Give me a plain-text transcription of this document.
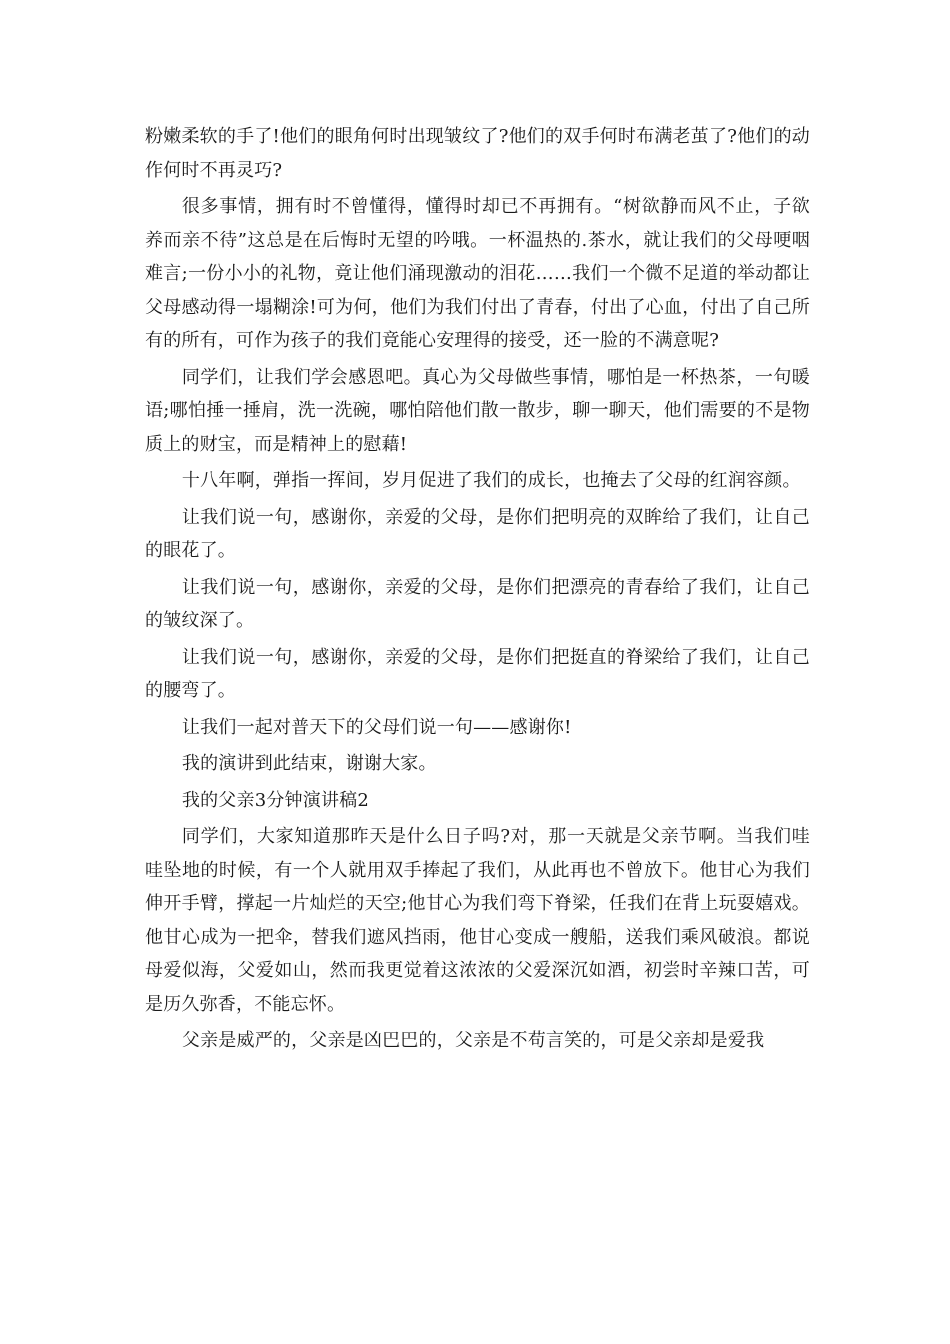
粉嫩柔软的手了!他们的眼角何时出现皱纹了?他们的双手何时布满老茧了?他们的动作何时不再灵巧?

很多事情，拥有时不曾懂得，懂得时却已不再拥有。“树欲静而风不止，子欲养而亲不待”这总是在后悔时无望的吟哦。一杯温热的.茶水，就让我们的父母哽咽难言;一份小小的礼物，竟让他们涌现激动的泪花……我们一个微不足道的举动都让父母感动得一塌糊涂!可为何，他们为我们付出了青春，付出了心血，付出了自己所有的所有，可作为孩子的我们竟能心安理得的接受，还一脸的不满意呢?

同学们，让我们学会感恩吧。真心为父母做些事情，哪怕是一杯热茶，一句暖语;哪怕捶一捶肩，洗一洗碗，哪怕陪他们散一散步，聊一聊天，他们需要的不是物质上的财宝，而是精神上的慰藉!

十八年啊，弹指一挥间，岁月促进了我们的成长，也掩去了父母的红润容颜。

让我们说一句，感谢你，亲爱的父母，是你们把明亮的双眸给了我们，让自己的眼花了。

让我们说一句，感谢你，亲爱的父母，是你们把漂亮的青春给了我们，让自己的皱纹深了。

让我们说一句，感谢你，亲爱的父母，是你们把挺直的脊梁给了我们，让自己的腰弯了。

让我们一起对普天下的父母们说一句——感谢你!

我的演讲到此结束，谢谢大家。

我的父亲3分钟演讲稿2

同学们，大家知道那昨天是什么日子吗?对，那一天就是父亲节啊。当我们哇哇坠地的时候，有一个人就用双手捧起了我们，从此再也不曾放下。他甘心为我们伸开手臂，撑起一片灿烂的天空;他甘心为我们弯下脊梁，任我们在背上玩耍嬉戏。他甘心成为一把伞，替我们遮风挡雨，他甘心变成一艘船，送我们乘风破浪。都说母爱似海，父爱如山，然而我更觉着这浓浓的父爱深沉如酒，初尝时辛辣口苦，可是历久弥香，不能忘怀。

父亲是威严的，父亲是凶巴巴的，父亲是不苟言笑的，可是父亲却是爱我
